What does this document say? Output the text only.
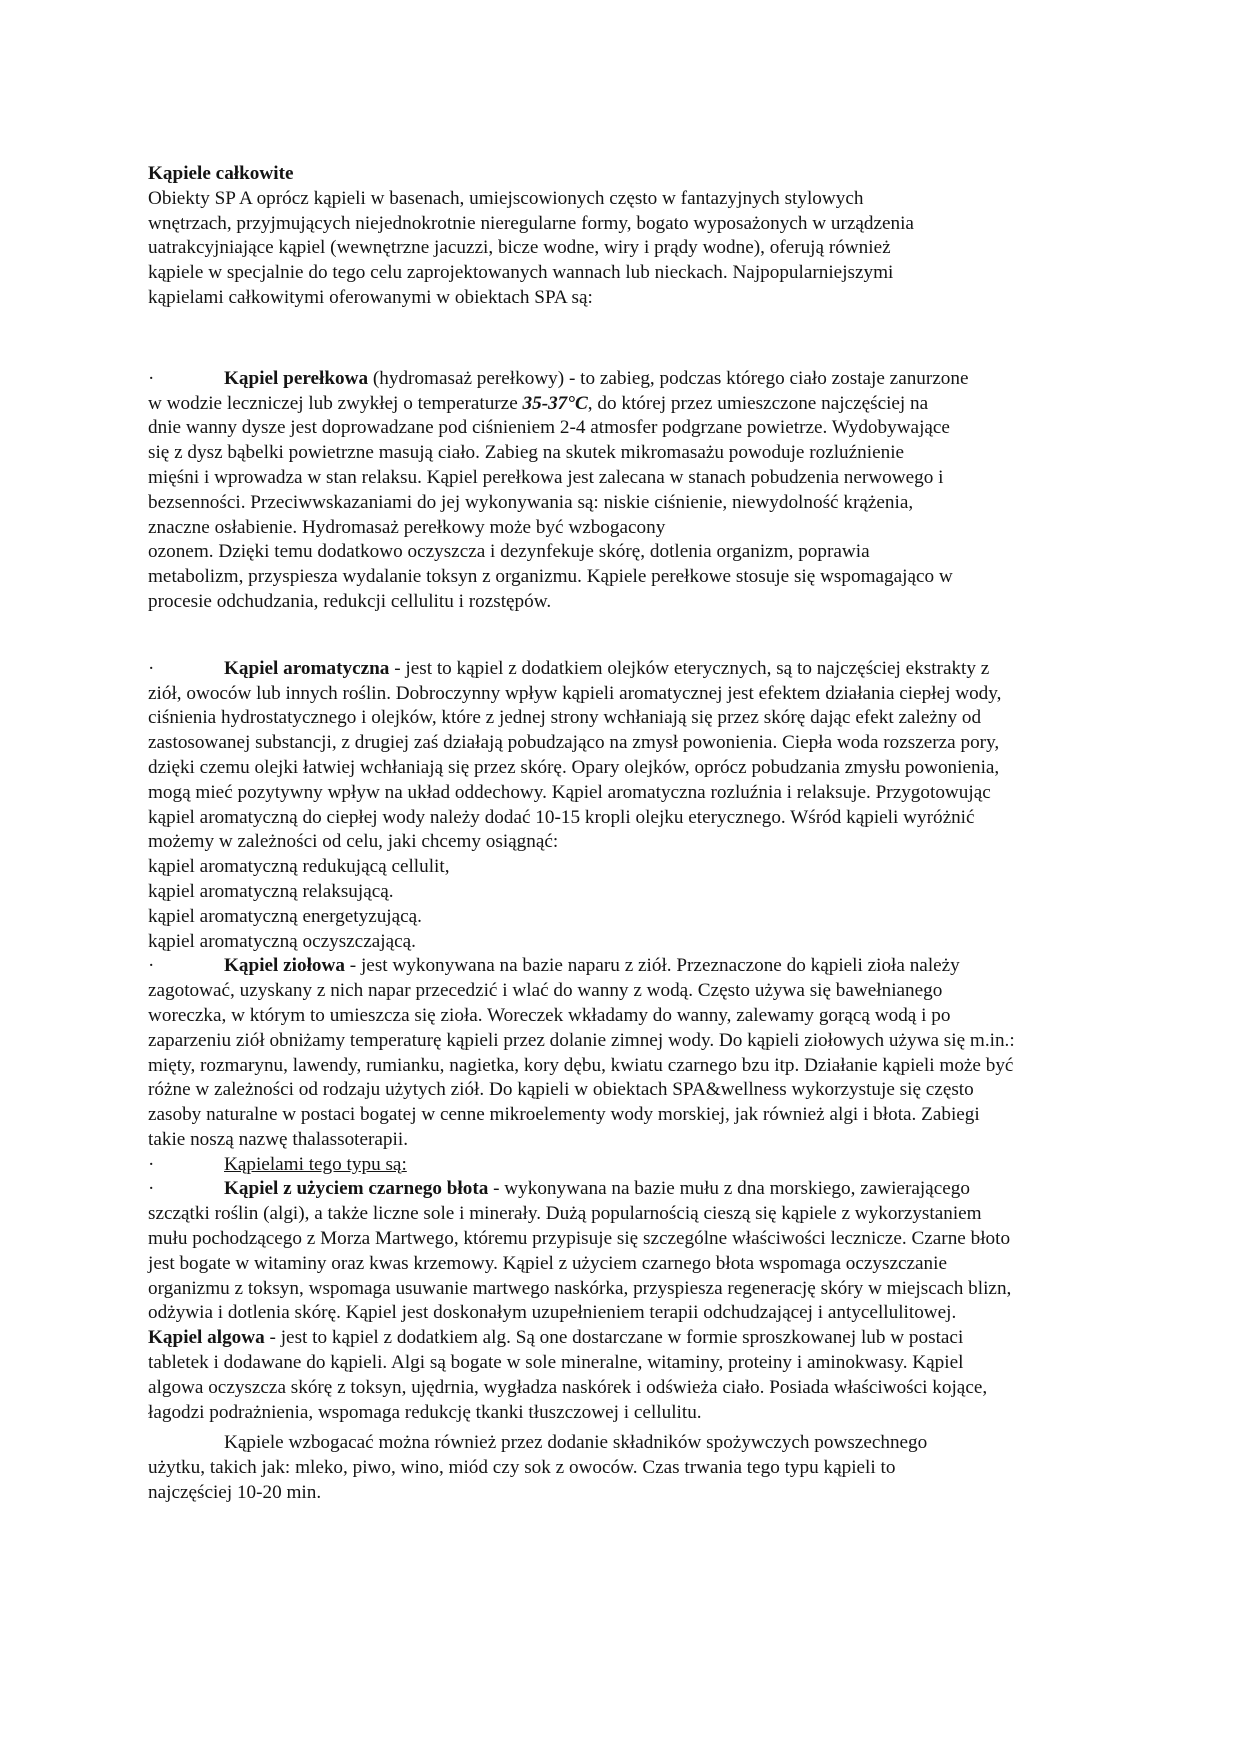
Kąpiele całkowite

Obiekty SP A oprócz kąpieli w basenach, umiejscowionych często w fantazyjnych stylowych

wnętrzach, przyjmujących niejednokrotnie nieregularne formy, bogato wyposażonych w urządzenia

uatrakcyjniające kąpiel (wewnętrzne jacuzzi, bicze wodne, wiry i prądy wodne), oferują również

kąpiele w specjalnie do tego celu zaprojektowanych wannach lub nieckach. Najpopularniejszymi

kąpielami całkowitymi oferowanymi w obiektach SPA są:

·	Kąpiel perełkowa (hydromasaż perełkowy) - to zabieg, podczas którego ciało zostaje zanurzone

w wodzie leczniczej lub zwykłej o temperaturze 35-37°C, do której przez umieszczone najczęściej na

dnie wanny dysze jest doprowadzane pod ciśnieniem 2-4 atmosfer podgrzane powietrze. Wydobywające

się z dysz bąbelki powietrzne masują ciało. Zabieg na skutek mikromasażu powoduje rozluźnienie

mięśni i wprowadza w stan relaksu. Kąpiel perełkowa jest zalecana w stanach pobudzenia nerwowego i

bezsenności. Przeciwwskazaniami do jej wykonywania są: niskie ciśnienie, niewydolność krążenia,

znaczne osłabienie. Hydromasaż perełkowy może być wzbogacony

ozonem. Dzięki temu dodatkowo oczyszcza i dezynfekuje skórę, dotlenia organizm, poprawia

metabolizm, przyspiesza wydalanie toksyn z organizmu. Kąpiele perełkowe stosuje się wspomagająco w

procesie odchudzania, redukcji cellulitu i rozstępów.

·	Kąpiel aromatyczna - jest to kąpiel z dodatkiem olejków eterycznych, są to najczęściej ekstrakty z

ziół, owoców lub innych roślin. Dobroczynny wpływ kąpieli aromatycznej jest efektem działania ciepłej wody,

ciśnienia hydrostatycznego i olejków, które z jednej strony wchłaniają się przez skórę dając efekt zależny od

zastosowanej substancji, z drugiej zaś działają pobudzająco na zmysł powonienia. Ciepła woda rozszerza pory,

dzięki czemu olejki łatwiej wchłaniają się przez skórę. Opary olejków, oprócz pobudzania zmysłu powonienia,

mogą mieć pozytywny wpływ na układ oddechowy. Kąpiel aromatyczna rozluźnia i relaksuje. Przygotowując

kąpiel aromatyczną do ciepłej wody należy dodać 10-15 kropli olejku eterycznego. Wśród kąpieli wyróżnić

możemy w zależności od celu, jaki chcemy osiągnąć:

kąpiel aromatyczną redukującą cellulit,

kąpiel aromatyczną relaksującą.

kąpiel aromatyczną energetyzującą.

kąpiel aromatyczną oczyszczającą.

·	Kąpiel ziołowa - jest wykonywana na bazie naparu z ziół. Przeznaczone do kąpieli zioła należy

zagotować, uzyskany z nich napar przecedzić i wlać do wanny z wodą. Często używa się bawełnianego

woreczka, w którym to umieszcza się zioła. Woreczek wkładamy do wanny, zalewamy gorącą wodą i po

zaparzeniu ziół obniżamy temperaturę kąpieli przez dolanie zimnej wody. Do kąpieli ziołowych używa się m.in.:

mięty, rozmarynu, lawendy, rumianku, nagietka, kory dębu, kwiatu czarnego bzu itp. Działanie kąpieli może być

różne w zależności od rodzaju użytych ziół. Do kąpieli w obiektach SPA&wellness wykorzystuje się często

zasoby naturalne w postaci bogatej w cenne mikroelementy wody morskiej, jak również algi i błota. Zabiegi

takie noszą nazwę thalassoterapii.

·	Kąpielami tego typu są:

·	Kąpiel z użyciem czarnego błota - wykonywana na bazie mułu z dna morskiego, zawierającego

szczątki roślin (algi), a także liczne sole i minerały. Dużą popularnością cieszą się kąpiele z wykorzystaniem

mułu pochodzącego z Morza Martwego, któremu przypisuje się szczególne właściwości lecznicze. Czarne błoto

jest bogate w witaminy oraz kwas krzemowy. Kąpiel z użyciem czarnego błota wspomaga oczyszczanie

organizmu z toksyn, wspomaga usuwanie martwego naskórka, przyspiesza regenerację skóry w miejscach blizn,

odżywia i dotlenia skórę. Kąpiel jest doskonałym uzupełnieniem terapii odchudzającej i antycellulitowej.

Kąpiel algowa - jest to kąpiel z dodatkiem alg. Są one dostarczane w formie sproszkowanej lub w postaci

tabletek i dodawane do kąpieli. Algi są bogate w sole mineralne, witaminy, proteiny i aminokwasy. Kąpiel

algowa oczyszcza skórę z toksyn, ujędrnia, wygładza naskórek i odświeża ciało. Posiada właściwości kojące,

łagodzi podrażnienia, wspomaga redukcję tkanki tłuszczowej i cellulitu.

Kąpiele wzbogacać można również przez dodanie składników spożywczych powszechnego

użytku, takich jak: mleko, piwo, wino, miód czy sok z owoców. Czas trwania tego typu kąpieli to

najczęściej 10-20 min.
